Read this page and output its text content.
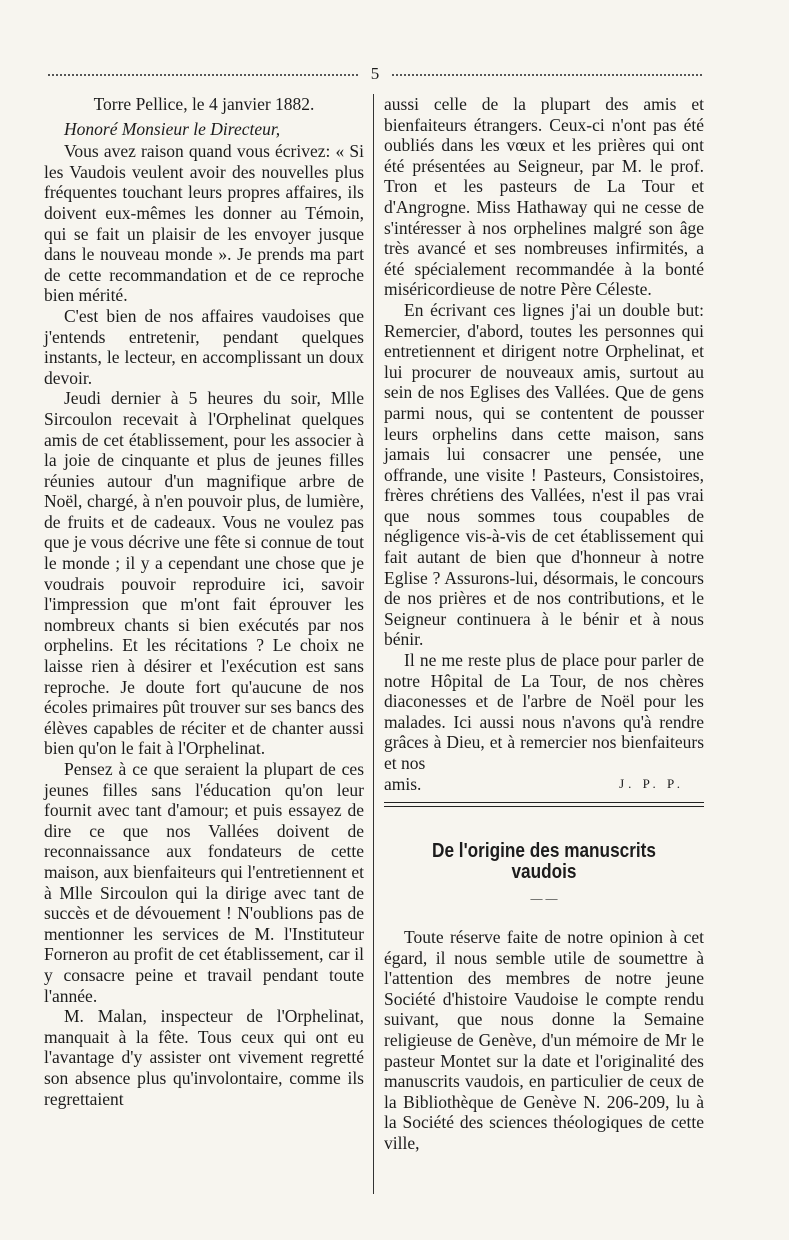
5

Torre Pellice, le 4 janvier 1882.

Honoré Monsieur le Directeur,

Vous avez raison quand vous écrivez: « Si les Vaudois veulent avoir des nouvelles plus fréquentes touchant leurs propres affaires, ils doivent eux-mêmes les donner au Témoin, qui se fait un plaisir de les envoyer jusque dans le nouveau monde ». Je prends ma part de cette recommandation et de ce reproche bien mérité.

C'est bien de nos affaires vaudoises que j'entends entretenir, pendant quelques instants, le lecteur, en accomplissant un doux devoir.

Jeudi dernier à 5 heures du soir, Mlle Sircoulon recevait à l'Orphelinat quelques amis de cet établissement, pour les associer à la joie de cinquante et plus de jeunes filles réunies autour d'un magnifique arbre de Noël, chargé, à n'en pouvoir plus, de lumière, de fruits et de cadeaux. Vous ne voulez pas que je vous décrive une fête si connue de tout le monde ; il y a cependant une chose que je voudrais pouvoir reproduire ici, savoir l'impression que m'ont fait éprouver les nombreux chants si bien exécutés par nos orphelins. Et les récitations ? Le choix ne laisse rien à désirer et l'exécution est sans reproche. Je doute fort qu'aucune de nos écoles primaires pût trouver sur ses bancs des élèves capables de réciter et de chanter aussi bien qu'on le fait à l'Orphelinat.

Pensez à ce que seraient la plupart de ces jeunes filles sans l'éducation qu'on leur fournit avec tant d'amour; et puis essayez de dire ce que nos Vallées doivent de reconnaissance aux fondateurs de cette maison, aux bienfaiteurs qui l'entretiennent et à Mlle Sircoulon qui la dirige avec tant de succès et de dévouement ! N'oublions pas de mentionner les services de M. l'Instituteur Forneron au profit de cet établissement, car il y consacre peine et travail pendant toute l'année.

M. Malan, inspecteur de l'Orphelinat, manquait à la fête. Tous ceux qui ont eu l'avantage d'y assister ont vivement regretté son absence plus qu'involontaire, comme ils regrettaient

aussi celle de la plupart des amis et bienfaiteurs étrangers. Ceux-ci n'ont pas été oubliés dans les vœux et les prières qui ont été présentées au Seigneur, par M. le prof. Tron et les pasteurs de La Tour et d'Angrogne. Miss Hathaway qui ne cesse de s'intéresser à nos orphelines malgré son âge très avancé et ses nombreuses infirmités, a été spécialement recommandée à la bonté miséricordieuse de notre Père Céleste.

En écrivant ces lignes j'ai un double but: Remercier, d'abord, toutes les personnes qui entretiennent et dirigent notre Orphelinat, et lui procurer de nouveaux amis, surtout au sein de nos Eglises des Vallées. Que de gens parmi nous, qui se contentent de pousser leurs orphelins dans cette maison, sans jamais lui consacrer une pensée, une offrande, une visite ! Pasteurs, Consistoires, frères chrétiens des Vallées, n'est il pas vrai que nous sommes tous coupables de négligence vis-à-vis de cet établissement qui fait autant de bien que d'honneur à notre Eglise ? Assurons-lui, désormais, le concours de nos prières et de nos contributions, et le Seigneur continuera à le bénir et à nous bénir.

Il ne me reste plus de place pour parler de notre Hôpital de La Tour, de nos chères diaconesses et de l'arbre de Noël pour les malades. Ici aussi nous n'avons qu'à rendre grâces à Dieu, et à remercier nos bienfaiteurs et nos

amis.	J. P. P.

De l'origine des manuscrits vaudois
— —

Toute réserve faite de notre opinion à cet égard, il nous semble utile de soumettre à l'attention des membres de notre jeune Société d'histoire Vaudoise le compte rendu suivant, que nous donne la Semaine religieuse de Genève, d'un mémoire de Mr le pasteur Montet sur la date et l'originalité des manuscrits vaudois, en particulier de ceux de la Bibliothèque de Genève N. 206-209, lu à la Société des sciences théologiques de cette ville,
